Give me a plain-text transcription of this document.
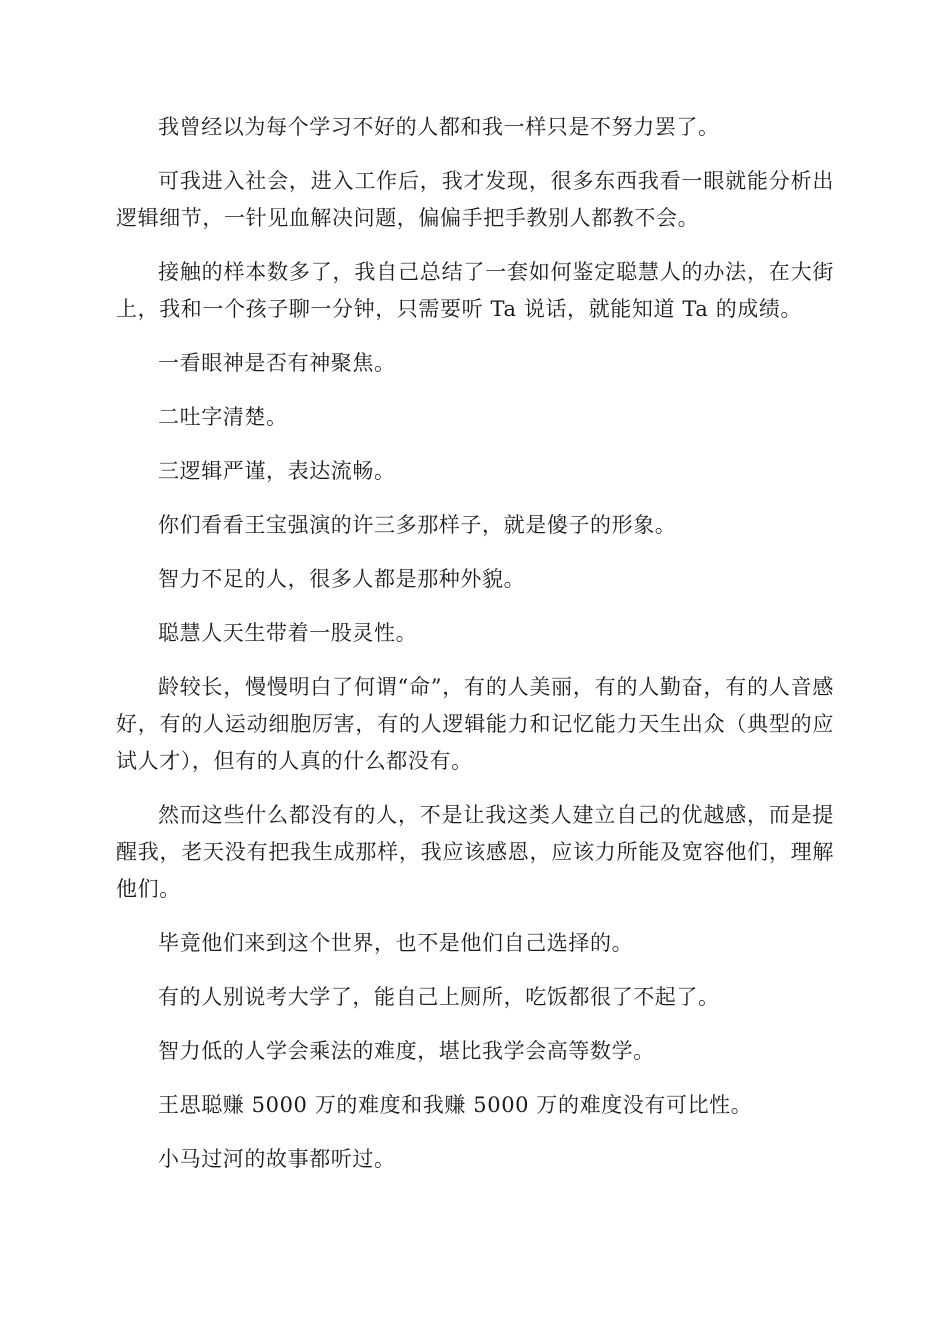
我曾经以为每个学习不好的人都和我一样只是不努力罢了。

可我进入社会，进入工作后，我才发现，很多东西我看一眼就能分析出逻辑细节，一针见血解决问题，偏偏手把手教别人都教不会。

接触的样本数多了，我自己总结了一套如何鉴定聪慧人的办法，在大街上，我和一个孩子聊一分钟，只需要听 Ta 说话，就能知道 Ta 的成绩。

一看眼神是否有神聚焦。

二吐字清楚。

三逻辑严谨，表达流畅。

你们看看王宝强演的许三多那样子，就是傻子的形象。

智力不足的人，很多人都是那种外貌。

聪慧人天生带着一股灵性。

龄较长，慢慢明白了何谓“命”，有的人美丽，有的人勤奋，有的人音感好，有的人运动细胞厉害，有的人逻辑能力和记忆能力天生出众（典型的应试人才），但有的人真的什么都没有。

然而这些什么都没有的人，不是让我这类人建立自己的优越感，而是提醒我，老天没有把我生成那样，我应该感恩，应该力所能及宽容他们，理解他们。

毕竟他们来到这个世界，也不是他们自己选择的。

有的人别说考大学了，能自己上厕所，吃饭都很了不起了。

智力低的人学会乘法的难度，堪比我学会高等数学。

王思聪赚 5000 万的难度和我赚 5000 万的难度没有可比性。

小马过河的故事都听过。
